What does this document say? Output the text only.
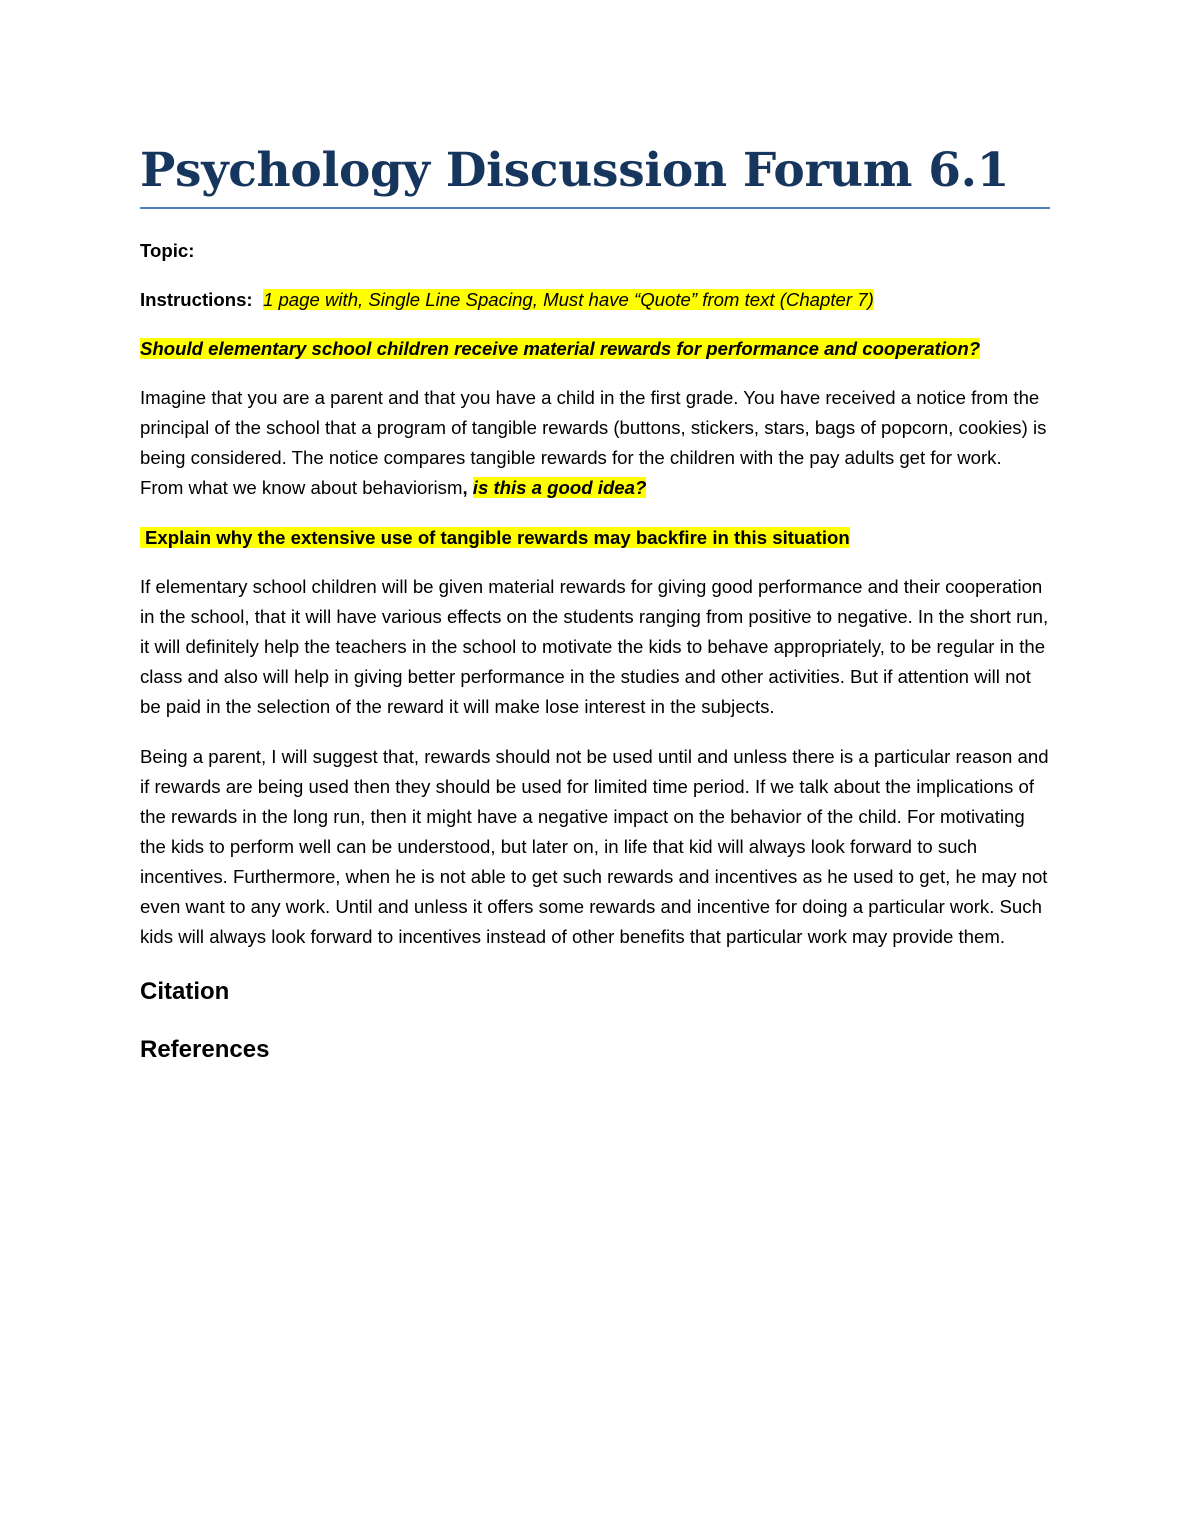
Psychology Discussion Forum 6.1

Topic:

Instructions: 1 page with, Single Line Spacing, Must have “Quote” from text (Chapter 7)

Should elementary school children receive material rewards for performance and cooperation?

Imagine that you are a parent and that you have a child in the first grade. You have received a notice from the principal of the school that a program of tangible rewards (buttons, stickers, stars, bags of popcorn, cookies) is being considered. The notice compares tangible rewards for the children with the pay adults get for work. From what we know about behaviorism, is this a good idea?

Explain why the extensive use of tangible rewards may backfire in this situation

If elementary school children will be given material rewards for giving good performance and their cooperation in the school, that it will have various effects on the students ranging from positive to negative. In the short run, it will definitely help the teachers in the school to motivate the kids to behave appropriately, to be regular in the class and also will help in giving better performance in the studies and other activities. But if attention will not be paid in the selection of the reward it will make lose interest in the subjects.

Being a parent, I will suggest that, rewards should not be used until and unless there is a particular reason and if rewards are being used then they should be used for limited time period. If we talk about the implications of the rewards in the long run, then it might have a negative impact on the behavior of the child. For motivating the kids to perform well can be understood, but later on, in life that kid will always look forward to such incentives. Furthermore, when he is not able to get such rewards and incentives as he used to get, he may not even want to any work. Until and unless it offers some rewards and incentive for doing a particular work. Such kids will always look forward to incentives instead of other benefits that particular work may provide them.

Citation
References
